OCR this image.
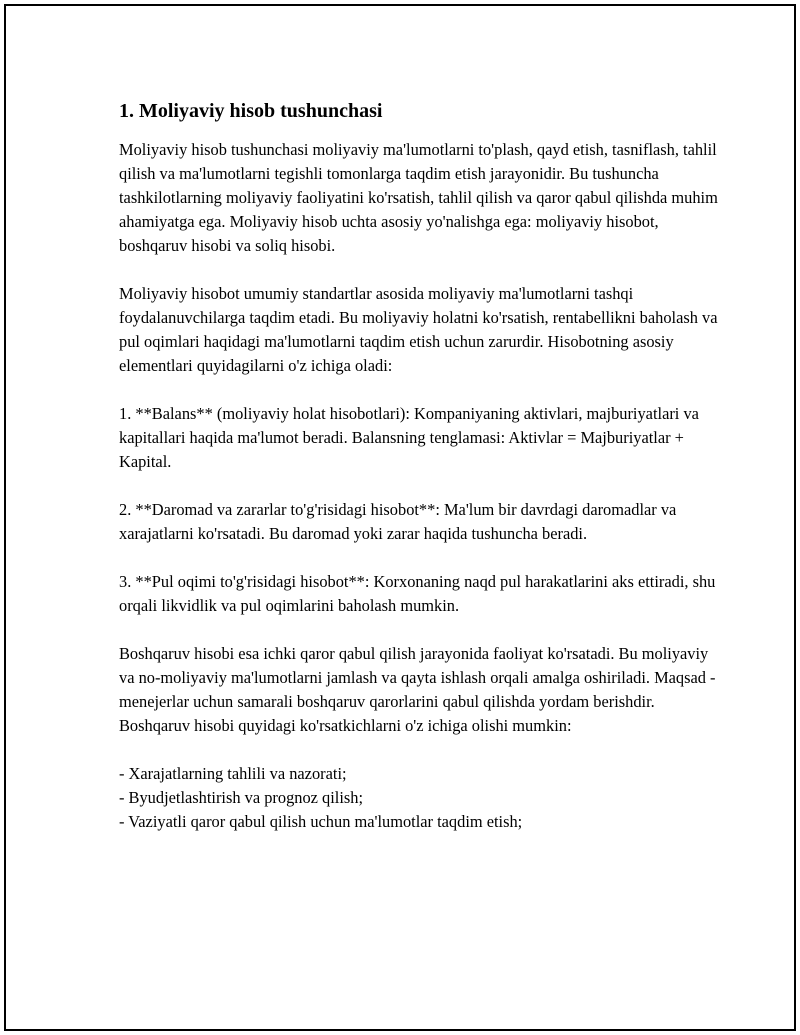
1. Moliyaviy hisob tushunchasi

Moliyaviy hisob tushunchasi moliyaviy ma'lumotlarni to'plash, qayd etish, tasniflash, tahlil qilish va ma'lumotlarni tegishli tomonlarga taqdim etish jarayonidir. Bu tushuncha tashkilotlarning moliyaviy faoliyatini ko'rsatish, tahlil qilish va qaror qabul qilishda muhim ahamiyatga ega. Moliyaviy hisob uchta asosiy yo'nalishga ega: moliyaviy hisobot, boshqaruv hisobi va soliq hisobi.

Moliyaviy hisobot umumiy standartlar asosida moliyaviy ma'lumotlarni tashqi foydalanuvchilarga taqdim etadi. Bu moliyaviy holatni ko'rsatish, rentabellikni baholash va pul oqimlari haqidagi ma'lumotlarni taqdim etish uchun zarurdir. Hisobotning asosiy elementlari quyidagilarni o'z ichiga oladi:

1. **Balans** (moliyaviy holat hisobotlari): Kompaniyaning aktivlari, majburiyatlari va kapitallari haqida ma'lumot beradi. Balansning tenglamasi: Aktivlar = Majburiyatlar + Kapital.

2. **Daromad va zararlar to'g'risidagi hisobot**: Ma'lum bir davrdagi daromadlar va xarajatlarni ko'rsatadi. Bu daromad yoki zarar haqida tushuncha beradi.

3. **Pul oqimi to'g'risidagi hisobot**: Korxonaning naqd pul harakatlarini aks ettiradi, shu orqali likvidlik va pul oqimlarini baholash mumkin.

Boshqaruv hisobi esa ichki qaror qabul qilish jarayonida faoliyat ko'rsatadi. Bu moliyaviy va no-moliyaviy ma'lumotlarni jamlash va qayta ishlash orqali amalga oshiriladi. Maqsad - menejerlar uchun samarali boshqaruv qarorlarini qabul qilishda yordam berishdir. Boshqaruv hisobi quyidagi ko'rsatkichlarni o'z ichiga olishi mumkin:

- Xarajatlarning tahlili va nazorati;
- Byudjetlashtirish va prognoz qilish;
- Vaziyatli qaror qabul qilish uchun ma'lumotlar taqdim etish;
